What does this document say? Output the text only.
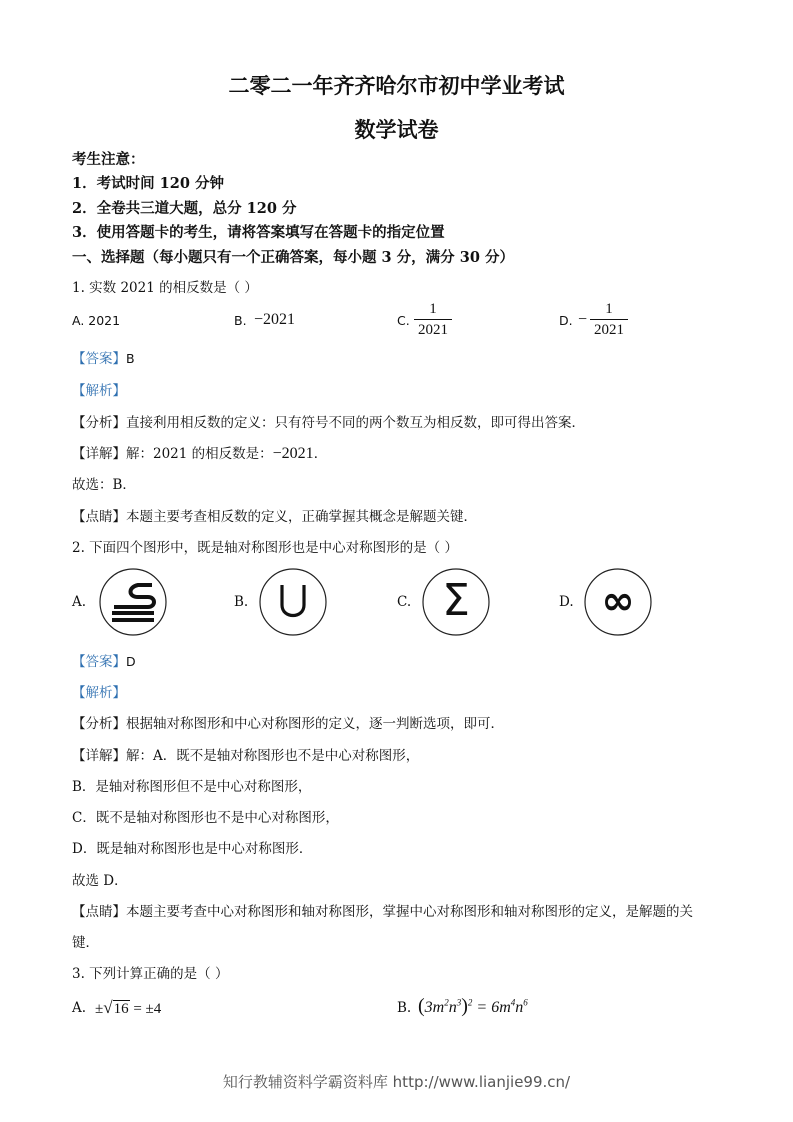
二零二一年齐齐哈尔市初中学业考试
数学试卷
考生注意：
1．考试时间 120 分钟
2．全卷共三道大题，总分 120 分
3．使用答题卡的考生，请将答案填写在答题卡的指定位置
一、选择题（每小题只有一个正确答案，每小题 3 分，满分 30 分）
1. 实数 2021 的相反数是（ ）
A. 2021	B. −2021	C.
1
2021
D. −
1
2021
【答案】B
【解析】
【分析】直接利用相反数的定义：只有符号不同的两个数互为相反数，即可得出答案．
【详解】解：2021 的相反数是：−2021．
故选：B．
【点睛】本题主要考查相反数的定义，正确掌握其概念是解题关键．
2. 下面四个图形中，既是轴对称图形也是中心对称图形的是（ ）
A.	B.	C. Σ	D. ∞
【答案】D
【解析】
【分析】根据轴对称图形和中心对称图形的定义，逐一判断选项，即可．
【详解】解：A．既不是轴对称图形也不是中心对称图形，
B．是轴对称图形但不是中心对称图形，
C．既不是轴对称图形也不是中心对称图形，
D．既是轴对称图形也是中心对称图形．
故选 D．
【点睛】本题主要考查中心对称图形和轴对称图形，掌握中心对称图形和轴对称图形的定义，是解题的关
键．
3. 下列计算正确的是（ ）
A. ±√16 = ±4	B. $(3m^2n^3)^2 = 6m^4n^6$
知行教辅资料学霸资料库 http://www.lianjie99.cn/
